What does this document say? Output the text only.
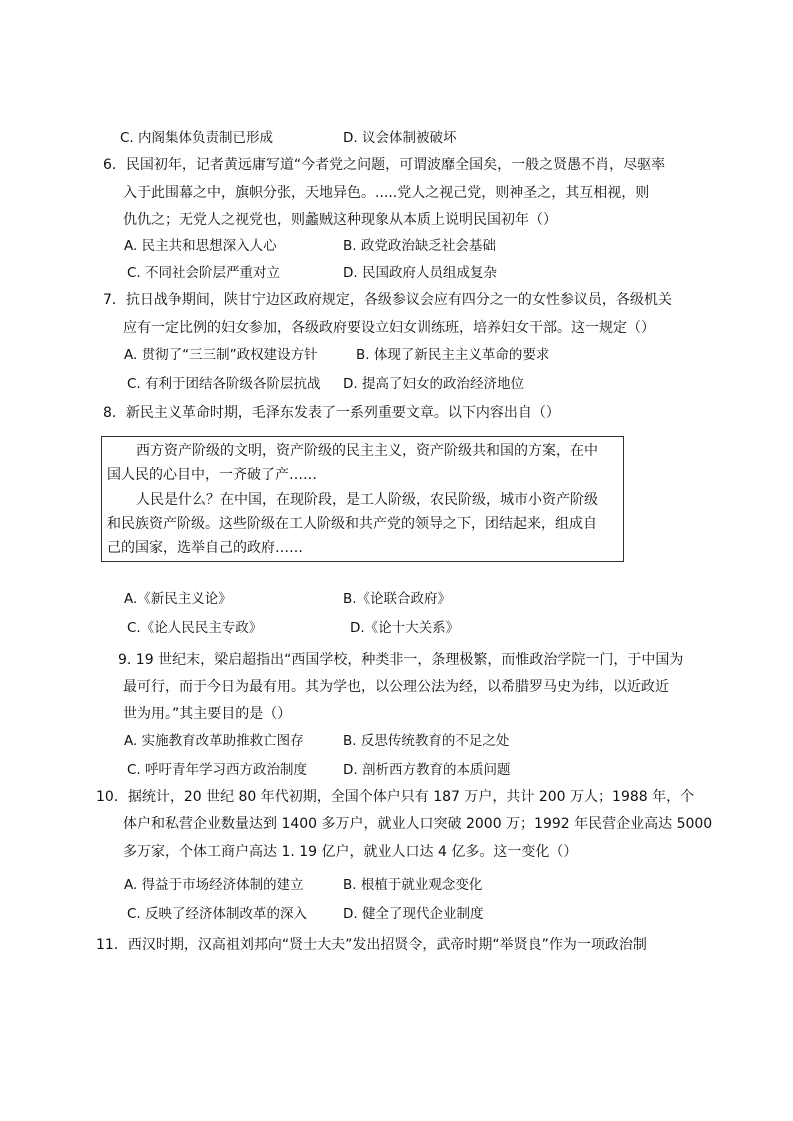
C. 内阁集体负责制已形成	D. 议会体制被破坏
6．民国初年，记者黄远庸写道“今者党之问题，可谓波靡全国矣，一般之贤愚不肖，尽驱率
入于此围幕之中，旗帜分张，天地异色。.....党人之视己党，则神圣之，其互相视，则
仇仇之；无党人之视党也，则蠡贼这种现象从本质上说明民国初年（）
A. 民主共和思想深入人心	B. 政党政治缺乏社会基础
C. 不同社会阶层严重对立	D. 民国政府人员组成复杂
7．抗日战争期间，陕甘宁边区政府规定，各级参议会应有四分之一的女性参议员，各级机关
应有一定比例的妇女参加，各级政府要设立妇女训练班，培养妇女干部。这一规定（）
A. 贯彻了“三三制”政权建设方针	B. 体现了新民主主义革命的要求
C. 有利于团结各阶级各阶层抗战 D. 提高了妇女的政治经济地位
8．新民主义革命时期，毛泽东发表了一系列重要文章。以下内容出自（）
西方资产阶级的文明，资产阶级的民主主义，资产阶级共和国的方案，在中
国人民的心目中，一齐破了产……
人民是什么？在中国，在现阶段，是工人阶级，农民阶级，城市小资产阶级
和民族资产阶级。这些阶级在工人阶级和共产党的领导之下，团结起来，组成自
己的国家，选举自己的政府……
A.《新民主义论》	B.《论联合政府》
C.《论人民民主专政》	D.《论十大关系》
9. 19 世纪末，梁启超指出“西国学校，种类非一，条理极繁，而惟政治学院一门，于中国为
最可行，而于今日为最有用。其为学也，以公理公法为经，以希腊罗马史为纬，以近政近
世为用。”其主要目的是（）
A. 实施教育改革助推救亡图存	B. 反思传统教育的不足之处
C. 呼吁青年学习西方政治制度	D. 剖析西方教育的本质问题
10．据统计，20 世纪 80 年代初期，全国个体户只有 187 万户，共计 200 万人；1988 年，个
体户和私营企业数量达到 1400 多万户，就业人口突破 2000 万；1992 年民营企业高达 5000
多万家，个体工商户高达 1. 19 亿户，就业人口达 4 亿多。这一变化（）
A. 得益于市场经济体制的建立	B. 根植于就业观念变化
C. 反映了经济体制改革的深入	D. 健全了现代企业制度
11．西汉时期，汉高祖刘邦向“贤士大夫”发出招贤令，武帝时期“举贤良”作为一项政治制
